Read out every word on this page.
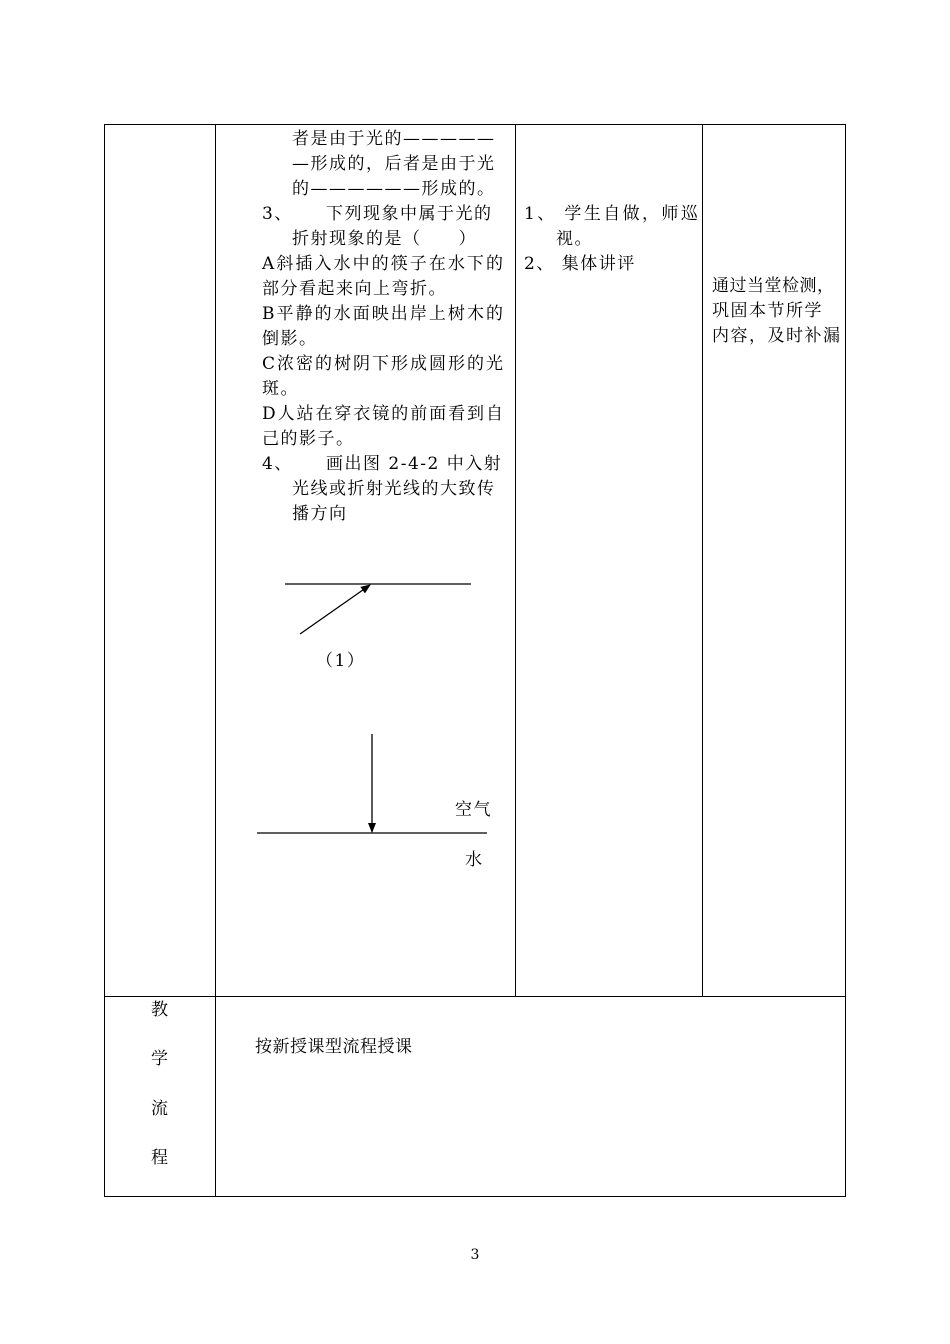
者是由于光的—————
—形成的，后者是由于光
的——————形成的。
3、 下列现象中属于光的
折射现象的是（　　）
A斜插入水中的筷子在水下的
部分看起来向上弯折。
B平静的水面映出岸上树木的
倒影。
C浓密的树阴下形成圆形的光
斑。
D人站在穿衣镜的前面看到自
己的影子。
4、 画出图 2-4-2 中入射
光线或折射光线的大致传
播方向
（1）
空气
水
1、 学生自做，师巡
视。
2、 集体讲评
通过当堂检测，
巩固本节所学
内容，及时补漏
教
学
流
程
按新授课型流程授课
3
